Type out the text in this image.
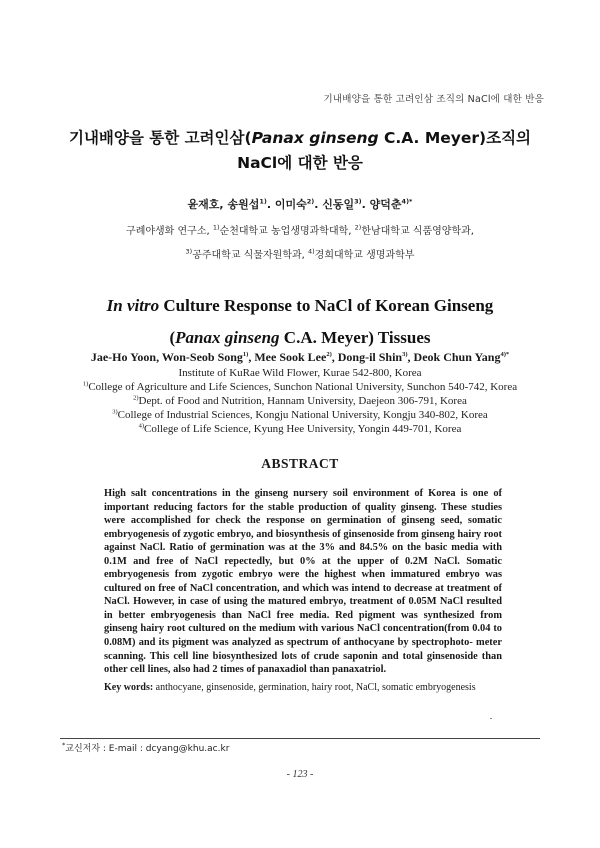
기내배양을 통한 고려인삼 조직의 NaCl에 대한 반응
기내배양을 통한 고려인삼(Panax ginseng C.A. Meyer)조직의
NaCl에 대한 반응
윤재호, 송원섭$^{1)}$. 이미숙$^{2)}$. 신동일$^{3)}$. 양덕춘$^{4)*}$
구례야생화 연구소, $^{1)}$순천대학교 농업생명과학대학, $^{2)}$한남대학교 식품영양학과,
$^{3)}$공주대학교 식물자원학과, $^{4)}$경희대학교 생명과학부
In vitro Culture Response to NaCl of Korean Ginseng
(Panax ginseng C.A. Meyer) Tissues
Jae-Ho Yoon, Won-Seob Song$^{1)}$, Mee Sook Lee$^{2)}$, Dong-il Shin$^{3)}$, Deok Chun Yang$^{4)*}$
Institute of KuRae Wild Flower, Kurae 542-800, Korea
$^{1)}$College of Agriculture and Life Sciences, Sunchon National University, Sunchon 540-742, Korea
$^{2)}$Dept. of Food and Nutrition, Hannam University, Daejeon 306-791, Korea
$^{3)}$College of Industrial Sciences, Kongju National University, Kongju 340-802, Korea
$^{4)}$College of Life Science, Kyung Hee University, Yongin 449-701, Korea
ABSTRACT
High salt concentrations in the ginseng nursery soil environment of Korea is one of important reducing factors for the stable production of quality ginseng. These studies were accomplished for check the response on germination of ginseng seed, somatic embryogenesis of zygotic embryo, and biosynthesis of ginsenoside from ginseng hairy root against NaCl. Ratio of germination was at the 3% and 84.5% on the basic media with 0.1M and free of NaCl repectedly, but 0% at the upper of 0.2M NaCl. Somatic embryogenesis from zygotic embryo were the highest when immatured embryo was cultured on free of NaCl concentration, and which was intend to decrease at treatment of NaCl. However, in case of using the matured embryo, treatment of 0.05M NaCl resulted in better embryogenesis than NaCl free media. Red pigment was synthesized from ginseng hairy root cultured on the medium with various NaCl concentration(from 0.04 to 0.08M) and its pigment was analyzed as spectrum of anthocyane by spectrophoto- meter scanning. This cell line biosynthesized lots of crude saponin and total ginsenoside than other cell lines, also had 2 times of panaxadiol than panaxatriol.
Key words: anthocyane, ginsenoside, germination, hairy root, NaCl, somatic embryogenesis
*교신저자 : E-mail : dcyang@khu.ac.kr
- 123 -
